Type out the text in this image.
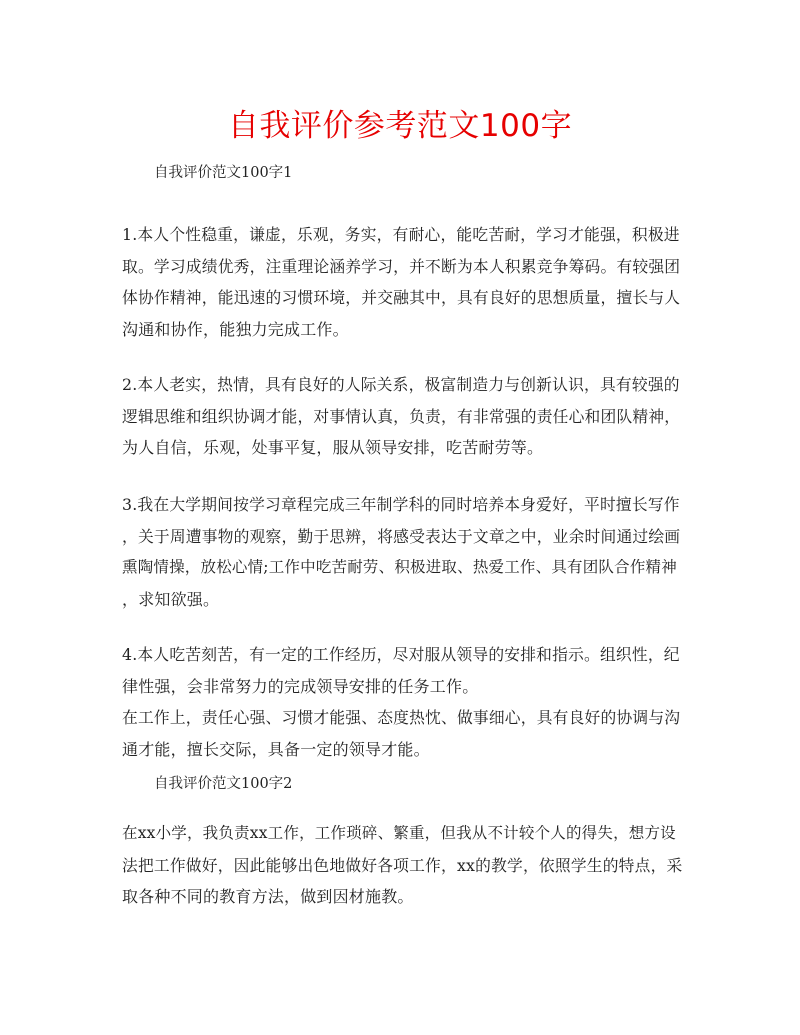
自我评价参考范文100字
自我评价范文100字1
1.本人个性稳重，谦虚，乐观，务实，有耐心，能吃苦耐，学习才能强，积极进
取。学习成绩优秀，注重理论涵养学习，并不断为本人积累竞争筹码。有较强团
体协作精神，能迅速的习惯环境，并交融其中，具有良好的思想质量，擅长与人
沟通和协作，能独力完成工作。
2.本人老实，热情，具有良好的人际关系，极富制造力与创新认识，具有较强的
逻辑思维和组织协调才能，对事情认真，负责，有非常强的责任心和团队精神，
为人自信，乐观，处事平复，服从领导安排，吃苦耐劳等。
3.我在大学期间按学习章程完成三年制学科的同时培养本身爱好，平时擅长写作
，关于周遭事物的观察，勤于思辨，将感受表达于文章之中，业余时间通过绘画
熏陶情操，放松心情;工作中吃苦耐劳、积极进取、热爱工作、具有团队合作精神
，求知欲强。
4.本人吃苦刻苦，有一定的工作经历，尽对服从领导的安排和指示。组织性，纪
律性强，会非常努力的完成领导安排的任务工作。
在工作上，责任心强、习惯才能强、态度热忱、做事细心，具有良好的协调与沟
通才能，擅长交际，具备一定的领导才能。
自我评价范文100字2
在xx小学，我负责xx工作，工作琐碎、繁重，但我从不计较个人的得失，想方设
法把工作做好，因此能够出色地做好各项工作，xx的教学，依照学生的特点，采
取各种不同的教育方法，做到因材施教。
